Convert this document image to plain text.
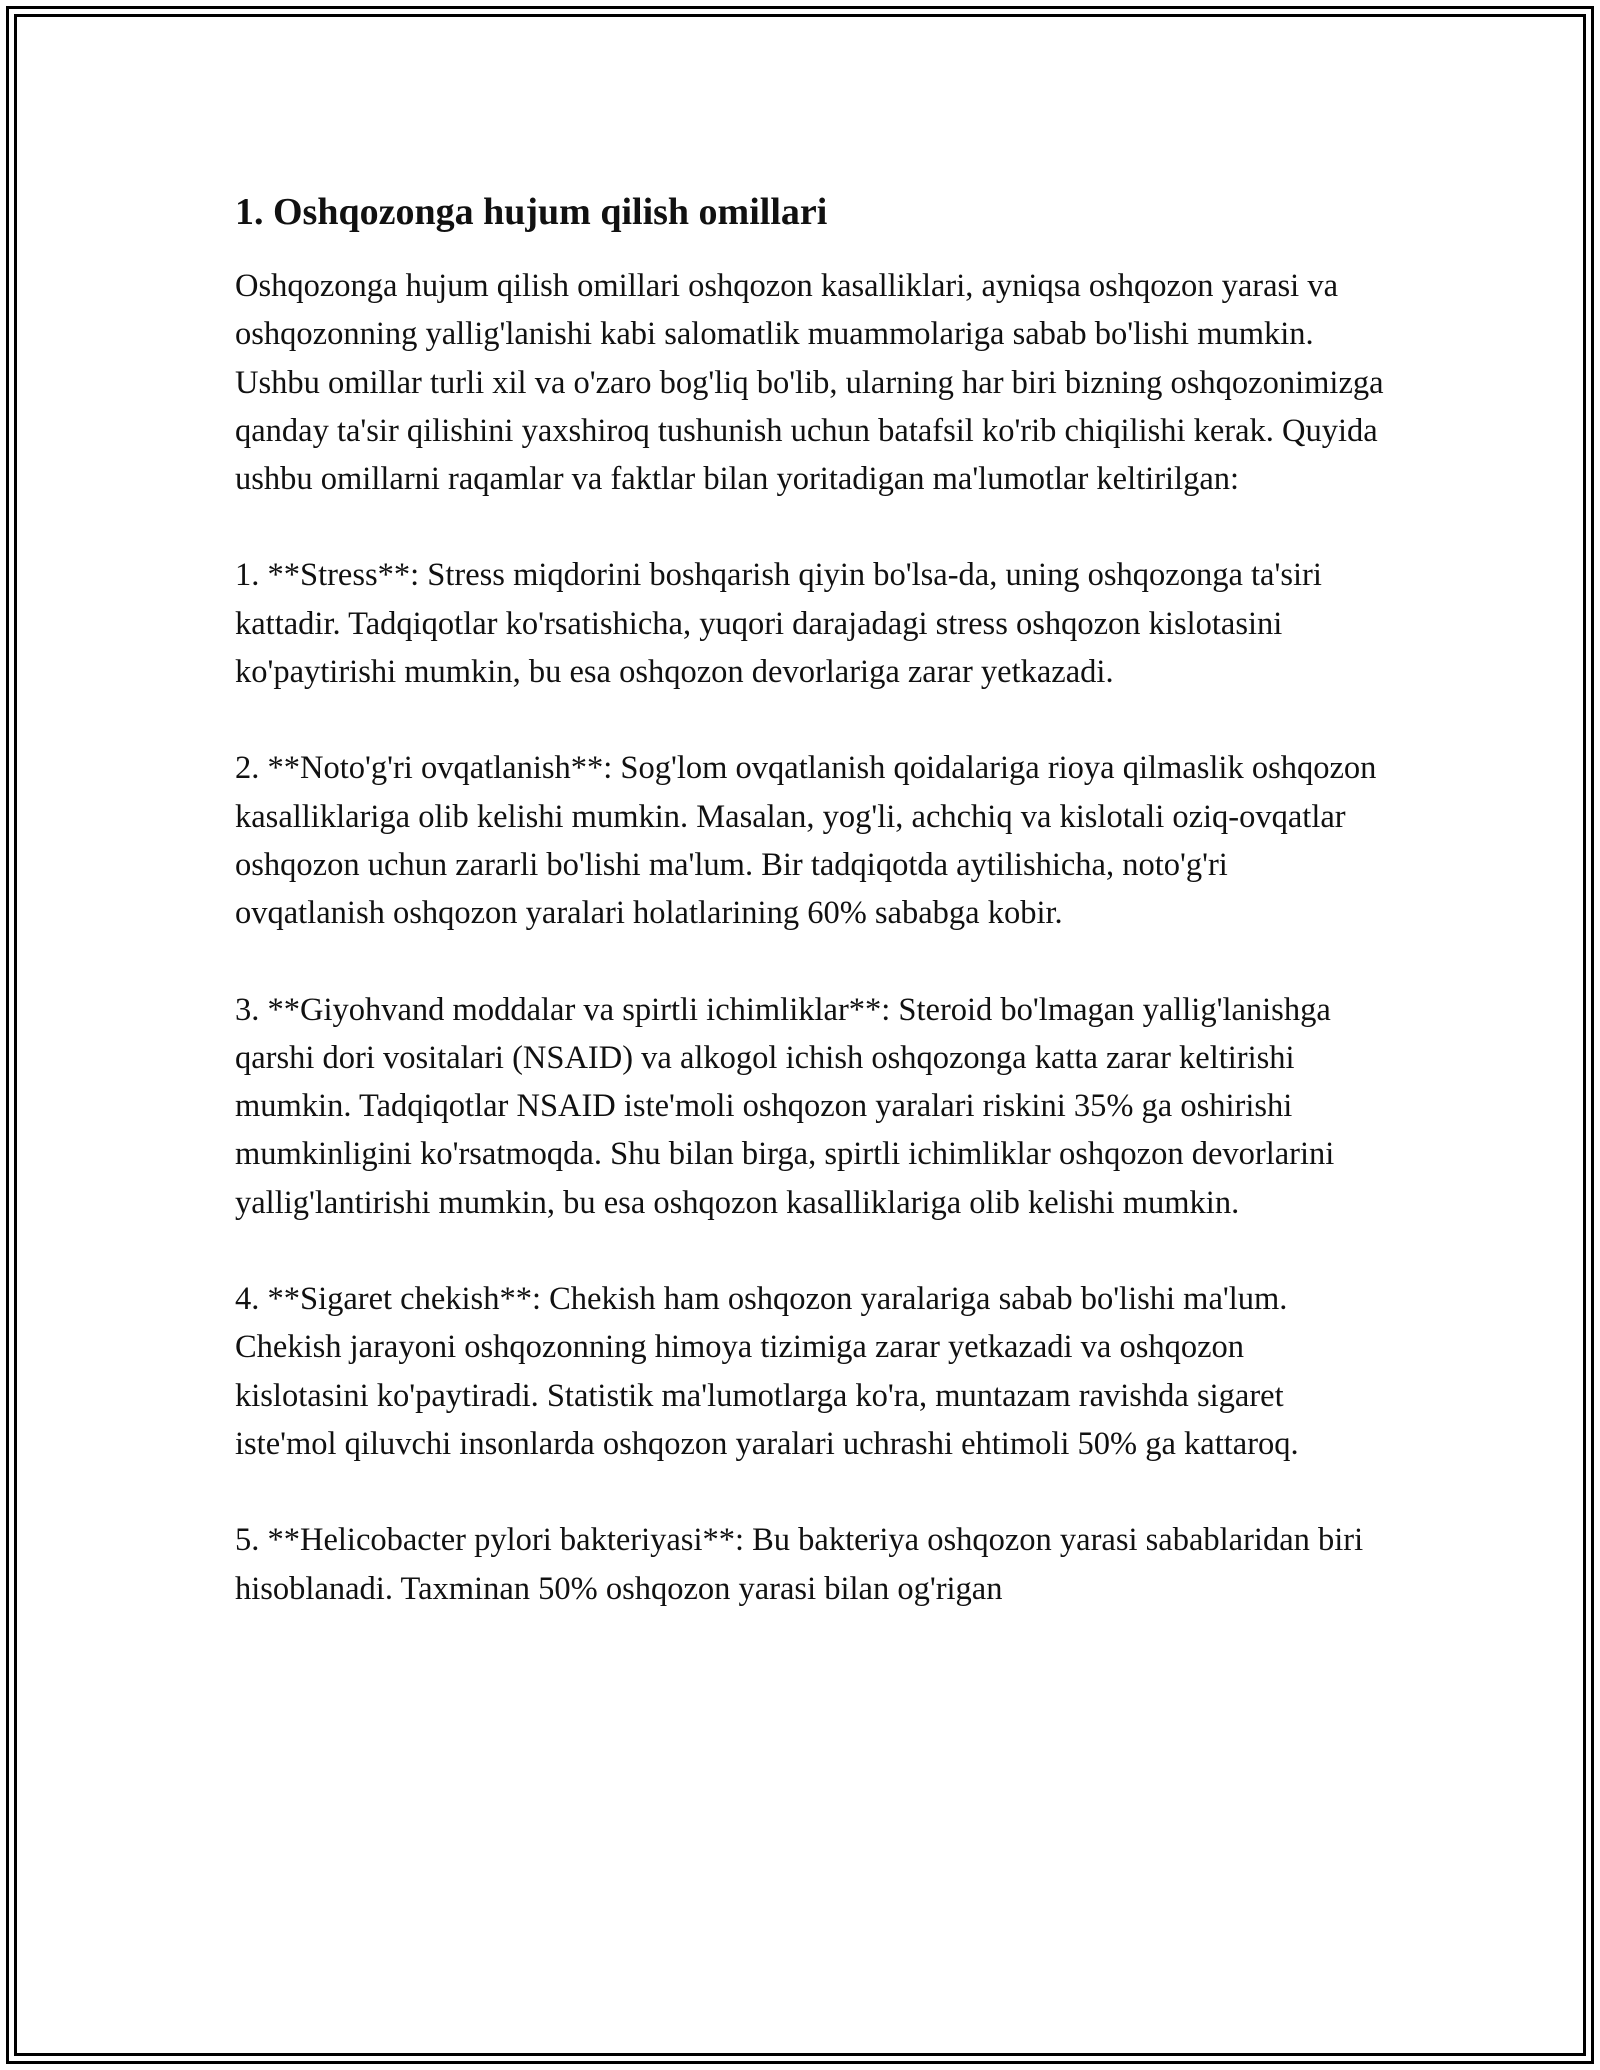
1. Oshqozonga hujum qilish omillari

Oshqozonga hujum qilish omillari oshqozon kasalliklari, ayniqsa oshqozon yarasi va oshqozonning yallig'lanishi kabi salomatlik muammolariga sabab bo'lishi mumkin. Ushbu omillar turli xil va o'zaro bog'liq bo'lib, ularning har biri bizning oshqozonimizga qanday ta'sir qilishini yaxshiroq tushunish uchun batafsil ko'rib chiqilishi kerak. Quyida ushbu omillarni raqamlar va faktlar bilan yoritadigan ma'lumotlar keltirilgan:

1. **Stress**: Stress miqdorini boshqarish qiyin bo'lsa-da, uning oshqozonga ta'siri kattadir. Tadqiqotlar ko'rsatishicha, yuqori darajadagi stress oshqozon kislotasini ko'paytirishi mumkin, bu esa oshqozon devorlariga zarar yetkazadi.

2. **Noto'g'ri ovqatlanish**: Sog'lom ovqatlanish qoidalariga rioya qilmaslik oshqozon kasalliklariga olib kelishi mumkin. Masalan, yog'li, achchiq va kislotali oziq-ovqatlar oshqozon uchun zararli bo'lishi ma'lum. Bir tadqiqotda aytilishicha, noto'g'ri ovqatlanish oshqozon yaralari holatlarining 60% sababga kobir.

3. **Giyohvand moddalar va spirtli ichimliklar**: Steroid bo'lmagan yallig'lanishga qarshi dori vositalari (NSAID) va alkogol ichish oshqozonga katta zarar keltirishi mumkin. Tadqiqotlar NSAID iste'moli oshqozon yaralari riskini 35% ga oshirishi mumkinligini ko'rsatmoqda. Shu bilan birga, spirtli ichimliklar oshqozon devorlarini yallig'lantirishi mumkin, bu esa oshqozon kasalliklariga olib kelishi mumkin.

4. **Sigaret chekish**: Chekish ham oshqozon yaralariga sabab bo'lishi ma'lum. Chekish jarayoni oshqozonning himoya tizimiga zarar yetkazadi va oshqozon kislotasini ko'paytiradi. Statistik ma'lumotlarga ko'ra, muntazam ravishda sigaret iste'mol qiluvchi insonlarda oshqozon yaralari uchrashi ehtimoli 50% ga kattaroq.

5. **Helicobacter pylori bakteriyasi**: Bu bakteriya oshqozon yarasi sabablaridan biri hisoblanadi. Taxminan 50% oshqozon yarasi bilan og'rigan
